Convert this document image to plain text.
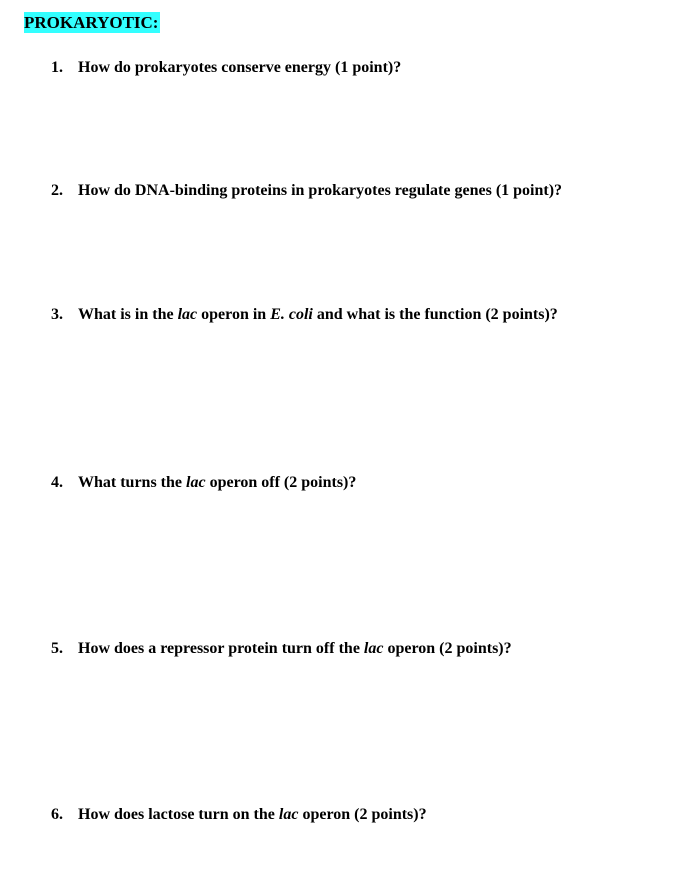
PROKARYOTIC:
1. How do prokaryotes conserve energy (1 point)?
2. How do DNA-binding proteins in prokaryotes regulate genes (1 point)?
3. What is in the lac operon in E. coli and what is the function (2 points)?
4. What turns the lac operon off (2 points)?
5. How does a repressor protein turn off the lac operon (2 points)?
6. How does lactose turn on the lac operon (2 points)?
